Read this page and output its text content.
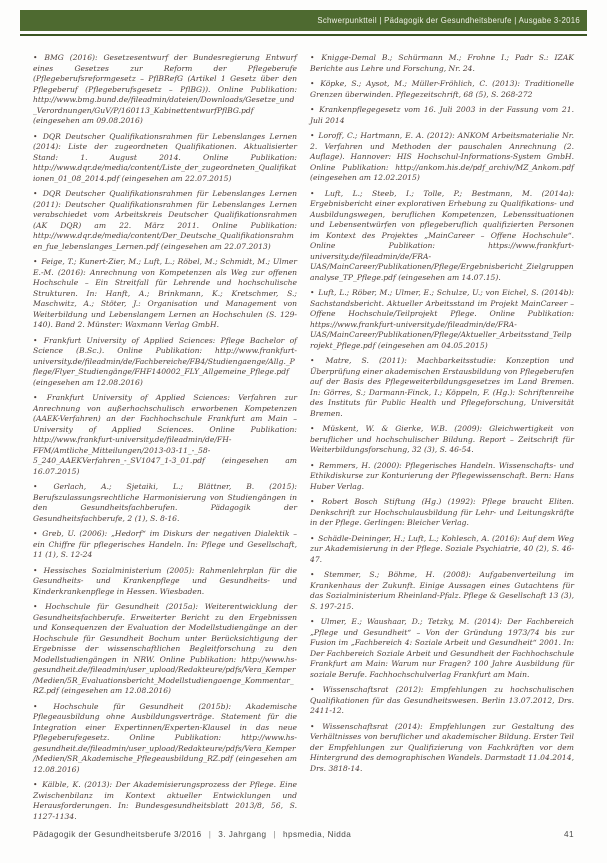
Schwerpunktteil | Pädagogik der Gesundheitsberufe | Ausgabe 3-2016

• BMG (2016): Gesetzesentwurf der Bundesregierung Entwurf eines Gesetzes zur Reform der Pflegeberufe (Pflegeberufsreformgesetz – PflBRefG (Artikel 1 Gesetz über den Pflegeberuf (Pflegeberufsgesetz – PflBG)). Online Publikation: http://www.bmg.bund.de/fileadmin/dateien/Downloads/Gesetze_und_Verordnungen/GuV/P/160113_KabinettentwurfPflBG.pdf (eingesehen am 09.08.2016)

• DQR Deutscher Qualifikationsrahmen für Lebenslanges Lernen (2014): Liste der zugeordneten Qualifikationen. Aktualisierter Stand: 1. August 2014. Online Publikation: http://www.dqr.de/media/content/Liste_der_zugeordneten_Qualifikationen_01_08_2014.pdf (eingesehen am 22.07.2015)

• DQR Deutscher Qualifikationsrahmen für Lebenslanges Lernen (2011): Deutscher Qualifikationsrahmen für Lebenslanges Lernen verabschiedet vom Arbeitskreis Deutscher Qualifikationsrahmen (AK DQR) am 22. März 2011. Online Publikation: http://www.dqr.de/media/content/Der_Deutsche_Qualifikationsrahmen_fue_lebenslanges_Lernen.pdf (eingesehen am 22.07.2013)

• Feige, T.; Kunert-Zier, M.; Luft, L.; Röbel, M.; Schmidt, M.; Ulmer E.-M. (2016): Anrechnung von Kompetenzen als Weg zur offenen Hochschule – Ein Streitfall für Lehrende und hochschulische Strukturen. In: Hanft, A.; Brinkmann, K.; Kretschmer, S.; Maschwitz, A.; Stöter, J.: Organisation und Management von Weiterbildung und Lebenslangem Lernen an Hochschulen (S. 129-140). Band 2. Münster: Waxmann Verlag GmbH.

• Frankfurt University of Applied Sciences: Pflege Bachelor of Science (B.Sc.). Online Publikation: http://www.frankfurt-university.de/fileadmin/de/Fachbereiche/FB4/Studiengaenge/Allg._Pflege/Flyer_Studiengänge/FHF140002_FLY_Allgemeine_Pflege.pdf (eingesehen am 12.08.2016)

• Frankfurt University of Applied Sciences: Verfahren zur Anrechnung von außerhochschulisch erworbenen Kompetenzen (AAEK-Verfahren) an der Fachhochschule Frankfurt am Main – University of Applied Sciences. Online Publikation: http://www.frankfurt-university.de/fileadmin/de/FH-FFM/Amtliche_Mitteilungen/2013-03-11_-_58-5_240_AAEKVerfahren_-_SV1047_1-3_01.pdf (eingesehen am 16.07.2015)

• Gerlach, A.; Sjetaiki, L.; Blättner, B. (2015): Berufszulassungsrechtliche Harmonisierung von Studiengängen in den Gesundheitsfachberufen. Pädagogik der Gesundheitsfachberufe, 2 (1), S. 8-16.

• Greb, U. (2006): „Hedorf“ im Diskurs der negativen Dialektik – ein Chiffre für pflegerisches Handeln. In: Pflege und Gesellschaft, 11 (1), S. 12-24

• Hessisches Sozialministerium (2005): Rahmenlehrplan für die Gesundheits- und Krankenpflege und Gesundheits- und Kinderkrankenpflege in Hessen. Wiesbaden.

• Hochschule für Gesundheit (2015a): Weiterentwicklung der Gesundheitsfachberufe. Erweiterter Bericht zu den Ergebnissen und Konsequenzen der Evaluation der Modellstudiengänge an der Hochschule für Gesundheit Bochum unter Berücksichtigung der Ergebnisse der wissenschaftlichen Begleitforschung zu den Modellstudiengängen in NRW. Online Publikation: http://www.hs-gesundheit.de/fileadmin/user_upload/Redakteure/pdfs/Vera_Kemper/Medien/5R_Evaluationsbericht_Modellstudiengaenge_Kommentar_RZ.pdf (eingesehen am 12.08.2016)

• Hochschule für Gesundheit (2015b): Akademische Pflegeausbildung ohne Ausbildungsverträge. Statement für die Integration einer Expertinnen/Experten-Klausel in das neue Pflegeberufegesetz. Online Publikation: http://www.hs-gesundheit.de/fileadmin/user_upload/Redakteure/pdfs/Vera_Kemper/Medien/SR_Akademische_Pflegeausbildung_RZ.pdf (eingesehen am 12.08.2016)

• Kälble, K. (2013): Der Akademisierungsprozess der Pflege. Eine Zwischenbilanz im Kontext aktueller Entwicklungen und Herausforderungen. In: Bundesgesundheitsblatt 2013/8, 56, S. 1127-1134.

• Knigge-Demal B.; Schürmann M.; Frohne I.; Padr S.: IZAK Berichte aus Lehre und Forschung, Nr. 24.

• Köpke, S.; Aysot, M.; Müller-Fröhlich, C. (2013): Traditionelle Grenzen überwinden. Pflegezeitschrift, 68 (5), S. 268-272

• Krankenpflegegesetz vom 16. Juli 2003 in der Fassung vom 21. Juli 2014

• Loroff, C.; Hartmann, E. A. (2012): ANKOM Arbeitsmaterialie Nr. 2. Verfahren und Methoden der pauschalen Anrechnung (2. Auflage). Hannover: HIS Hochschul-Informations-System GmbH. Online Publikation: http://ankom.his.de/pdf_archiv/MZ_Ankom.pdf (eingesehen am 12.02.2015)

• Luft, L.; Steeb, I.; Tolle, P.; Bestmann, M. (2014a): Ergebnisbericht einer explorativen Erhebung zu Qualifikations- und Ausbildungswegen, beruflichen Kompetenzen, Lebenssituationen und Lebensentwürfen von pflegeberuflich qualifizierten Personen im Kontext des Projektes „MainCareer – Offene Hochschule“. Online Publikation: https://www.frankfurt-university.de/fileadmin/de/FRA-UAS/MainCareer/Publikationen/Pflege/Ergebnisbericht_Zielgruppenanalyse_TP_Pflege.pdf (eingesehen am 14.07.15).

• Luft, L.; Röber, M.; Ulmer, E.; Schulze, U.; von Eichel, S. (2014b): Sachstandsbericht. Aktueller Arbeitsstand im Projekt MainCareer – Offene Hochschule/Teilprojekt Pflege. Online Publikation: https://www.frankfurt-university.de/fileadmin/de/FRA-UAS/MainCareer/Publikationen/Pflege/Aktueller_Arbeitsstand_Teilprojekt_Pflege.pdf (eingesehen am 04.05.2015)

• Matre, S. (2011): Machbarkeitsstudie: Konzeption und Überprüfung einer akademischen Erstausbildung von Pflegeberufen auf der Basis des Pflegeweiterbildungsgesetzes im Land Bremen. In: Görres, S.; Darmann-Finck, I.; Köppeln, F. (Hg.): Schriftenreihe des Instituts für Public Health und Pflegeforschung, Universität Bremen.

• Müskent, W. & Gierke, W.B. (2009): Gleichwertigkeit von beruflicher und hochschulischer Bildung. Report – Zeitschrift für Weiterbildungsforschung, 32 (3), S. 46-54.

• Remmers, H. (2000): Pflegerisches Handeln. Wissenschafts- und Ethikdiskurse zur Konturierung der Pflegewissenschaft. Bern: Hans Huber Verlag.

• Robert Bosch Stiftung (Hg.) (1992): Pflege braucht Eliten. Denkschrift zur Hochschulausbildung für Lehr- und Leitungskräfte in der Pflege. Gerlingen: Bleicher Verlag.

• Schädle-Deininger, H.; Luft, L.; Kohlesch, A. (2016): Auf dem Weg zur Akademisierung in der Pflege. Soziale Psychiatrie, 40 (2), S. 46-47.

• Stemmer, S.; Böhme, H. (2008): Aufgabenverteilung im Krankenhaus der Zukunft. Einige Aussagen eines Gutachtens für das Sozialministerium Rheinland-Pfalz. Pflege & Gesellschaft 13 (3), S. 197-215.

• Ulmer, E.; Waushaar, D.; Tetzky, M. (2014): Der Fachbereich „Pflege und Gesundheit“ – Von der Gründung 1973/74 bis zur Fusion im „Fachbereich 4: Soziale Arbeit und Gesundheit“ 2001. In: Der Fachbereich Soziale Arbeit und Gesundheit der Fachhochschule Frankfurt am Main: Warum nur Fragen? 100 Jahre Ausbildung für soziale Berufe. Fachhochschulverlag Frankfurt am Main.

• Wissenschaftsrat (2012): Empfehlungen zu hochschulischen Qualifikationen für das Gesundheitswesen. Berlin 13.07.2012, Drs. 2411-12.

• Wissenschaftsrat (2014): Empfehlungen zur Gestaltung des Verhältnisses von beruflicher und akademischer Bildung. Erster Teil der Empfehlungen zur Qualifizierung von Fachkräften vor dem Hintergrund des demographischen Wandels. Darmstadt 11.04.2014, Drs. 3818-14.

Pädagogik der Gesundheitsberufe 3/2016 | 3. Jahrgang | hpsmedia, Nidda	41
